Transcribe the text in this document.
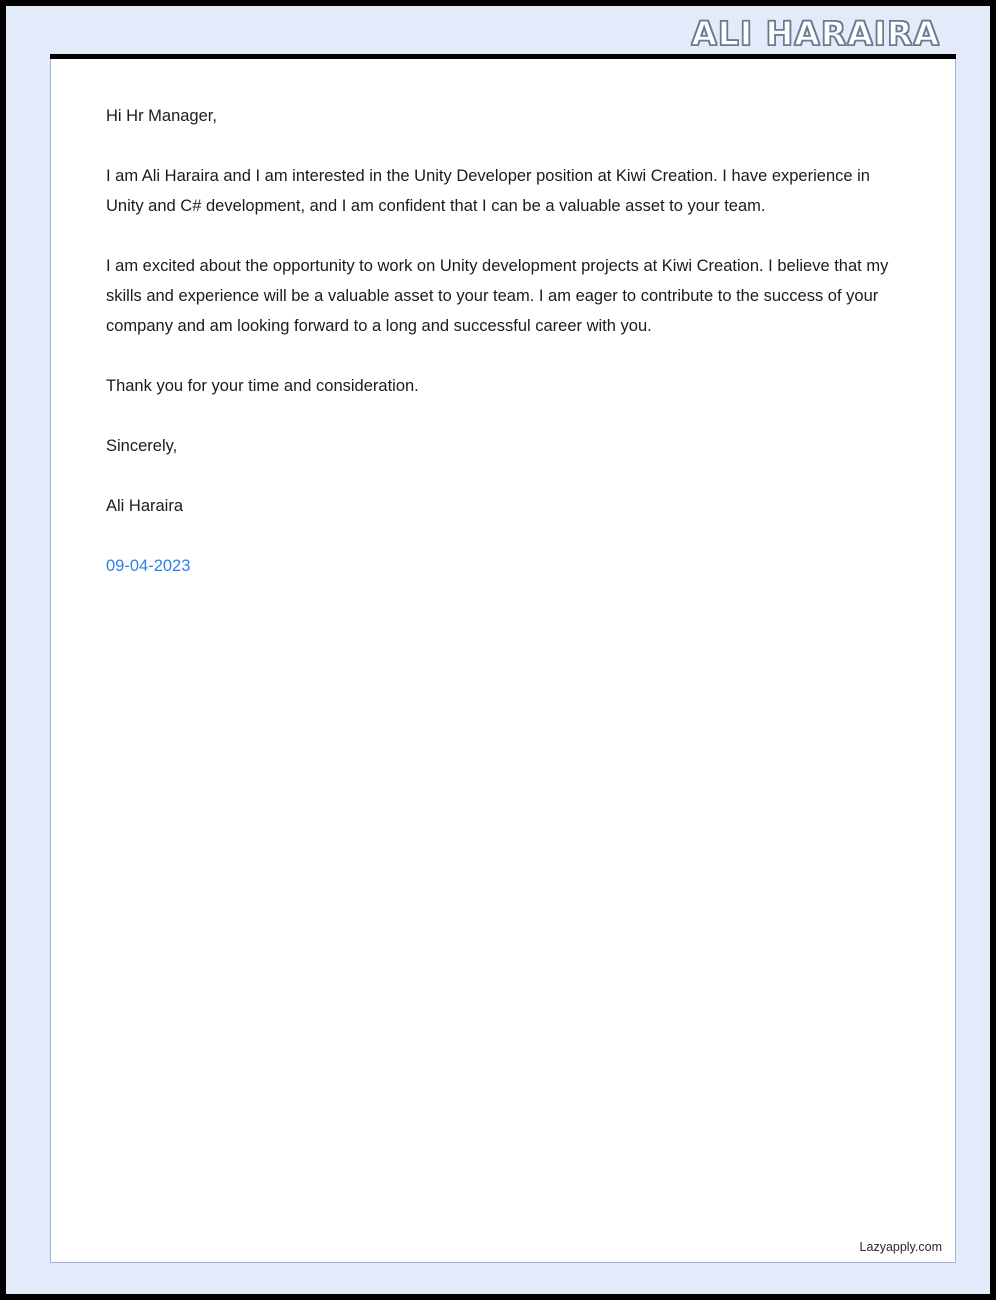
ALI HARAIRA

Hi Hr Manager,

I am Ali Haraira and I am interested in the Unity Developer position at Kiwi Creation. I have experience in Unity and C# development, and I am confident that I can be a valuable asset to your team.

I am excited about the opportunity to work on Unity development projects at Kiwi Creation. I believe that my skills and experience will be a valuable asset to your team. I am eager to contribute to the success of your company and am looking forward to a long and successful career with you.

Thank you for your time and consideration.

Sincerely,

Ali Haraira

09-04-2023

Lazyapply.com
